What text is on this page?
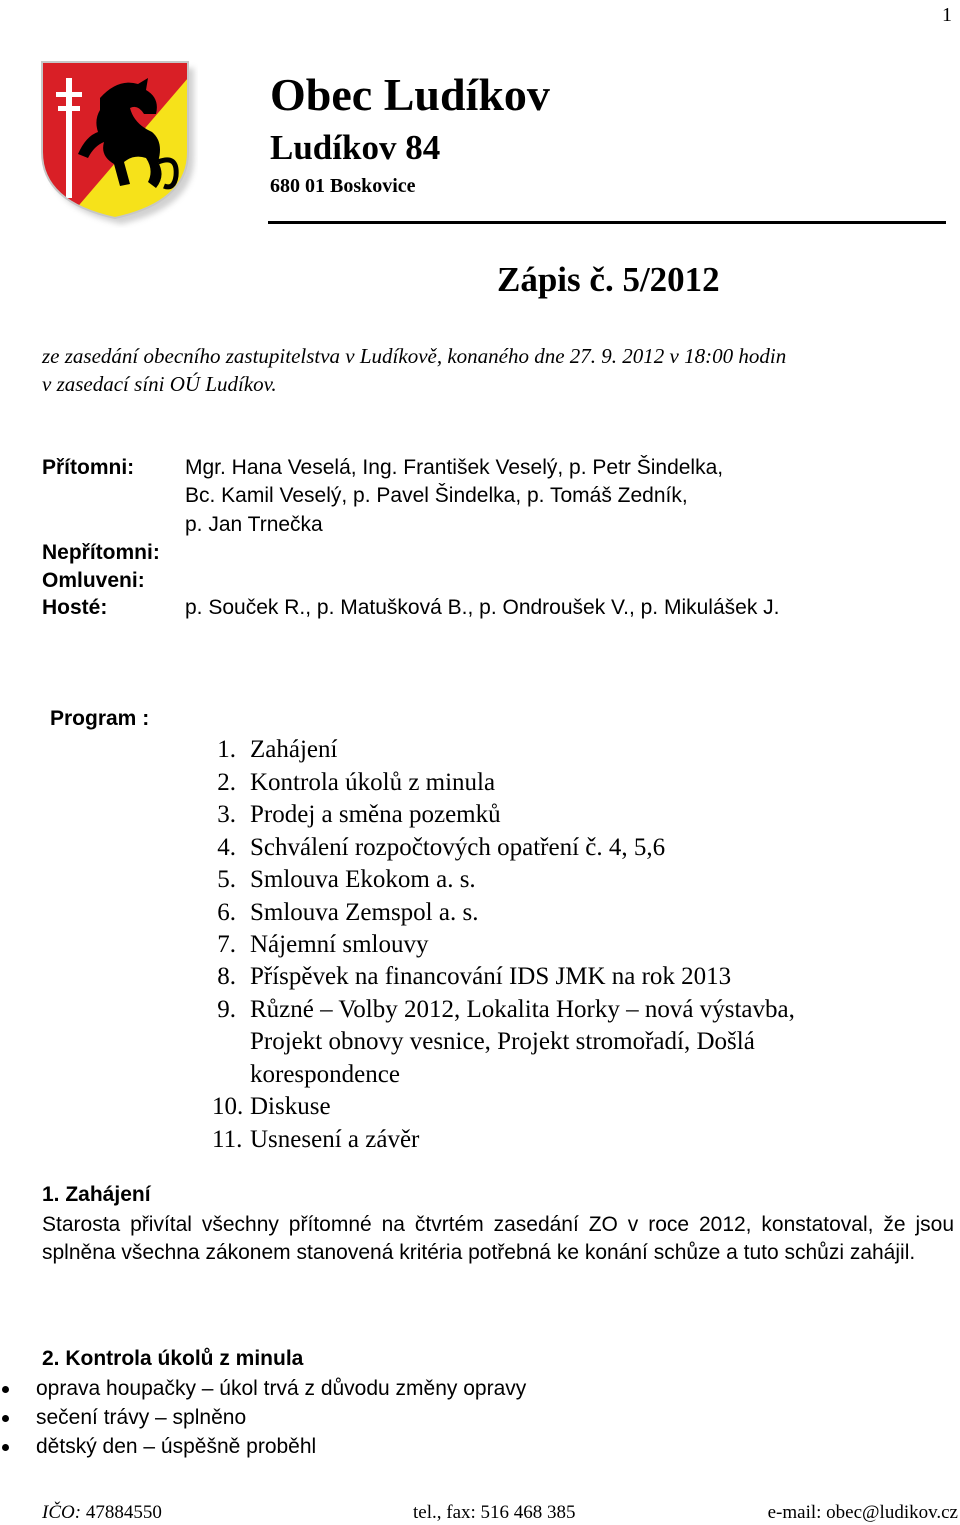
1
Obec Ludíkov
Ludíkov 84
680 01 Boskovice
Zápis č. 5/2012
ze zasedání obecního zastupitelstva v Ludíkově, konaného dne 27. 9. 2012 v 18:00 hodin
v zasedací síni OÚ Ludíkov.
Přítomni: Mgr. Hana Veselá, Ing. František Veselý, p. Petr Šindelka,
Bc. Kamil Veselý, p. Pavel Šindelka, p. Tomáš Zedník,
p. Jan Trnečka
Nepřítomni:
Omluveni:
Hosté:	p. Souček R., p. Matušková B., p. Ondroušek V., p. Mikulášek J.
Program :
1. Zahájení
2. Kontrola úkolů z minula
3. Prodej a směna pozemků
4. Schválení rozpočtových opatření č. 4, 5,6
5. Smlouva Ekokom a. s.
6. Smlouva Zemspol a. s.
7. Nájemní smlouvy
8. Příspěvek na financování IDS JMK na rok 2013
9. Různé – Volby 2012, Lokalita Horky – nová výstavba,
Projekt obnovy vesnice, Projekt stromořadí, Došlá
korespondence
10. Diskuse
11. Usnesení a závěr
1. Zahájení

Starosta přivítal všechny přítomné na čtvrtém zasedání ZO v roce 2012, konstatoval, že jsou splněna všechna zákonem stanovená kritéria potřebná ke konání schůze a tuto schůzi zahájil.

2. Kontrola úkolů z minula
oprava houpačky – úkol trvá z důvodu změny opravy
sečení trávy – splněno
dětský den – úspěšně proběhl
IČO: 47884550	tel., fax: 516 468 385	e-mail: obec@ludikov.cz
